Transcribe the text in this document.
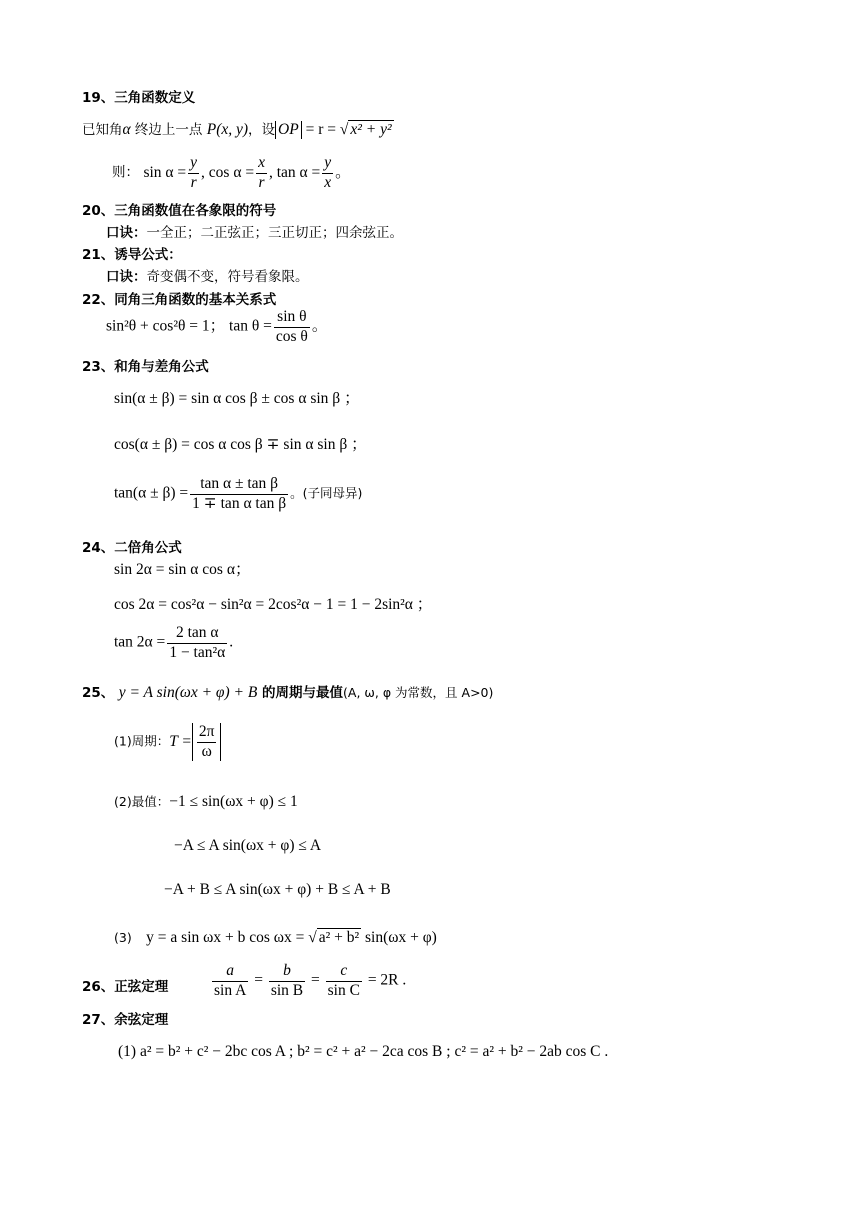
19、三角函数定义
已知角α 终边上一点 P(x, y)，设 OP = r = √ x² + y²
则： $\sin \alpha = \frac{y}{r}$ , $\cos \alpha = \frac{x}{r}$ , $\tan \alpha = \frac{y}{x}$ 。
20、三角函数值在各象限的符号
口诀：一全正；二正弦正；三正切正；四余弦正。
21、诱导公式：
口诀：奇变偶不变，符号看象限。
22、同角三角函数的基本关系式
sin²θ + cos²θ = 1； $\tan \theta = \frac{\text{sin θ}}{\text{cos θ}}$ 。
23、和角与差角公式
sin(α ± β) = sin α cos β ± cos α sin β ；
cos(α ± β) = cos α cos β ∓ sin α sin β ；
$\tan(\alpha \pm \beta) = \frac{\text{tan α ± tan β}}{\text{1 ∓ tan α tan β}}$ 。(子同母异)
24、二倍角公式
sin 2α = sin α cos α；
cos 2α = cos²α − sin²α = 2cos²α − 1 = 1 − 2sin²α ；
$\tan 2\alpha = \frac{\text{2 tan α}}{\text{1 − tan²α}}$ .
25、 y = A sin(ωx + φ) + B 的周期与最值(A, ω, φ 为常数，且 A>0)
(1)周期：$T = \frac{2\pi}{\omega}$
(2)最值：−1 ≤ sin(ωx + φ) ≤ 1
−A ≤ A sin(ωx + φ) ≤ A
−A + B ≤ A sin(ωx + φ) + B ≤ A + B
(3) y = a sin ωx + b cos ωx = √ a² + b² sin(ωx + φ)
26、正弦定理	$\frac{a}{\text{sin A}} = \frac{b}{\text{sin B}} = \frac{c}{\text{sin C}} = 2R$ .
27、余弦定理
(1) a² = b² + c² − 2bc cos A ; b² = c² + a² − 2ca cos B ; c² = a² + b² − 2ab cos C .
